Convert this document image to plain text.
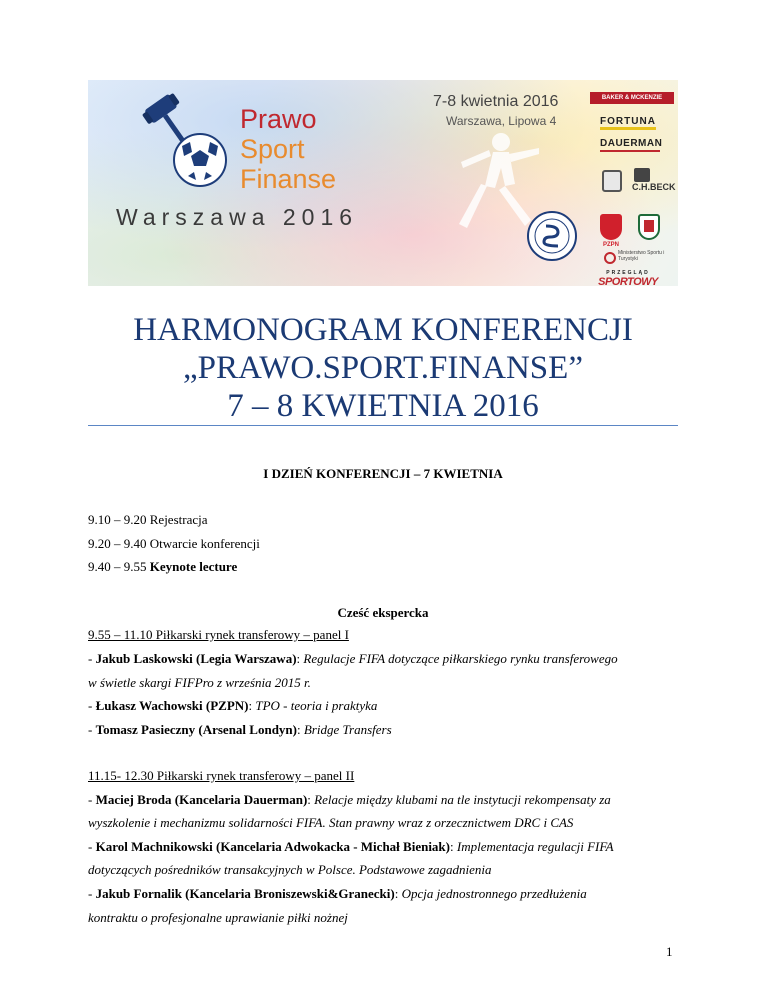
Prawo
Sport
Finanse
Warszawa 2016
7-8 kwietnia 2016
Warszawa, Lipowa 4
BAKER & MCKENZIE
FORTUNA
DAUERMAN
C.H.BECK
PZPN
Ministerstwo Sportu i Turystyki
PRZEGLĄD
SPORTOWY
HARMONOGRAM KONFERENCJI
„PRAWO.SPORT.FINANSE”
7 – 8 KWIETNIA 2016
I DZIEŃ KONFERENCJI – 7 KWIETNIA
9.10 – 9.20 Rejestracja
9.20 – 9.40 Otwarcie konferencji
9.40 – 9.55 Keynote lecture
Cześć ekspercka
9.55 – 11.10 Piłkarski rynek transferowy – panel I
- Jakub Laskowski (Legia Warszawa): Regulacje FIFA dotyczące piłkarskiego rynku transferowego
w świetle skargi FIFPro z września 2015 r.
- Łukasz Wachowski (PZPN): TPO - teoria i praktyka
- Tomasz Pasieczny (Arsenal Londyn): Bridge Transfers
11.15- 12.30 Piłkarski rynek transferowy – panel II
- Maciej Broda (Kancelaria Dauerman): Relacje między klubami na tle instytucji rekompensaty za
wyszkolenie i mechanizmu solidarności FIFA. Stan prawny wraz z orzecznictwem DRC i CAS
- Karol Machnikowski (Kancelaria Adwokacka - Michał Bieniak): Implementacja regulacji FIFA
dotyczących pośredników transakcyjnych w Polsce. Podstawowe zagadnienia
- Jakub Fornalik (Kancelaria Broniszewski&Granecki): Opcja jednostronnego przedłużenia
kontraktu o profesjonalne uprawianie piłki nożnej
1
